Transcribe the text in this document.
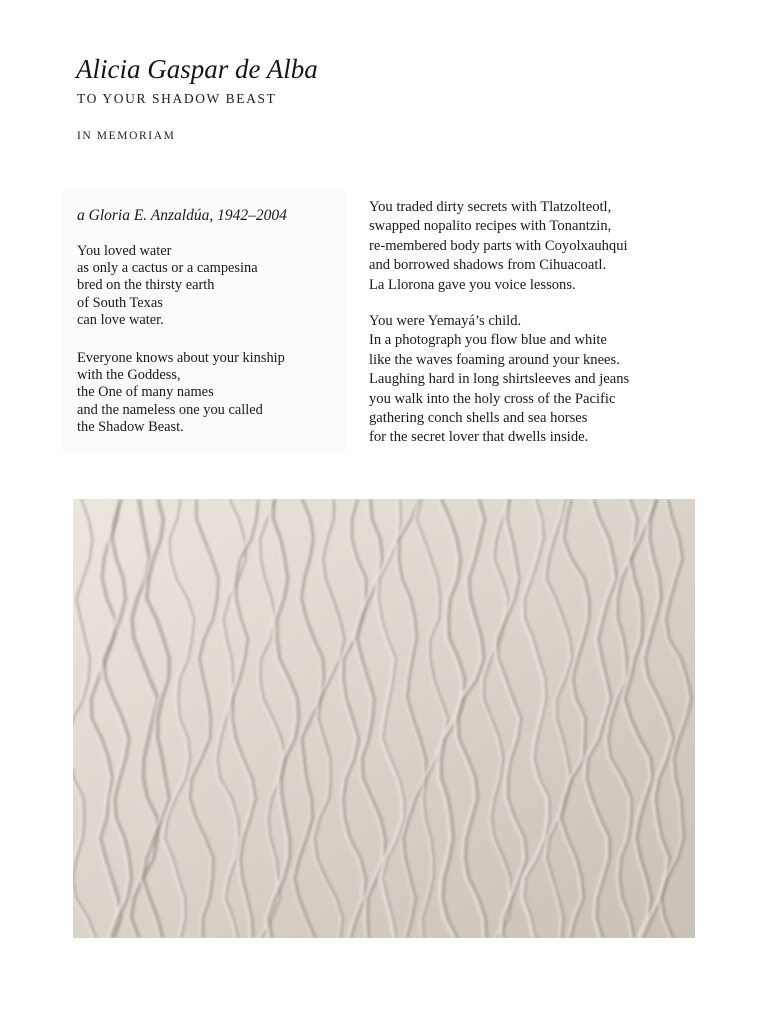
Alicia Gaspar de Alba
TO YOUR SHADOW BEAST
IN MEMORIAM
a Gloria E. Anzaldúa, 1942–2004
You loved water
as only a cactus or a campesina
bred on the thirsty earth
of South Texas
can love water.
Everyone knows about your kinship
with the Goddess,
the One of many names
and the nameless one you called
the Shadow Beast.
You traded dirty secrets with Tlatzolteotl,
swapped nopalito recipes with Tonantzin,
re-membered body parts with Coyolxauhqui
and borrowed shadows from Cihuacoatl.
La Llorona gave you voice lessons.
You were Yemayá’s child.
In a photograph you flow blue and white
like the waves foaming around your knees.
Laughing hard in long shirtsleeves and jeans
you walk into the holy cross of the Pacific
gathering conch shells and sea horses
for the secret lover that dwells inside.
